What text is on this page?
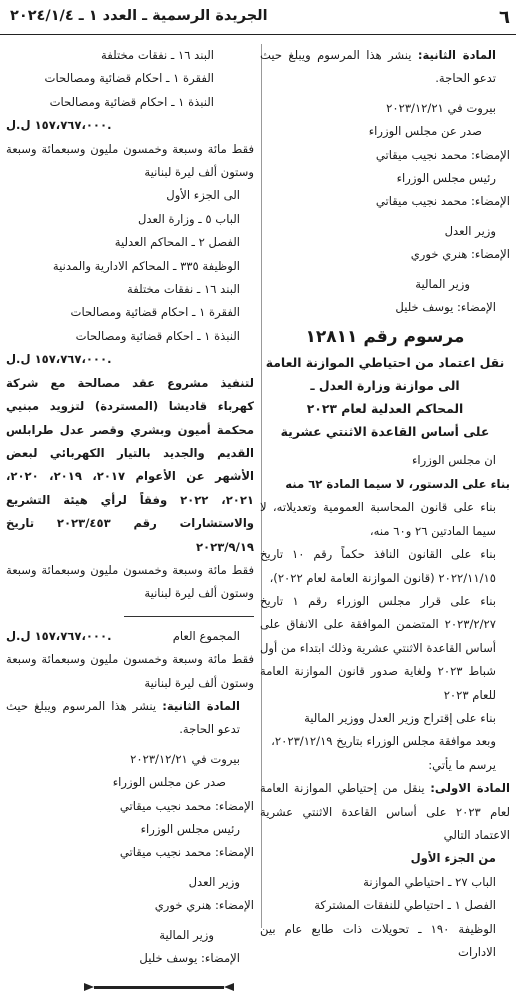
٦
الجريدة الرسمية ـ العدد ١ ـ ٢٠٢٤/١/٤

المادة الثانية: ينشر هذا المرسوم ويبلغ حيث تدعو الحاجة.

بيروت في ٢٠٢٣/١٢/٢١

صدر عن مجلس الوزراء

الإمضاء: محمد نجيب ميقاتي

رئيس مجلس الوزراء

الإمضاء: محمد نجيب ميقاتي

وزير العدل

الإمضاء: هنري خوري

وزير المالية

الإمضاء: يوسف خليل

مرسوم رقم ١٢٨١١

نقل اعتماد من احتياطي الموازنة العامة

الى موازنة وزارة العدل ـ

المحاكم العدلية لعام ٢٠٢٣

على أساس القاعدة الاثنتي عشرية

ان مجلس الوزراء

بناء على الدستور، لا سيما المادة ٦٢ منه

بناء على قانون المحاسبة العمومية وتعديلاته، لا سيما المادتين ٢٦ و٦٠ منه،

بناء على القانون النافذ حكماً رقم ١٠ تاريخ ٢٠٢٢/١١/١٥ (قانون الموازنة العامة لعام ٢٠٢٢)،

بناء على قرار مجلس الوزراء رقم ١ تاريخ ٢٠٢٣/٢/٢٧ المتضمن الموافقة على الانفاق على أساس القاعدة الاثنتي عشرية وذلك ابتداء من أول شباط ٢٠٢٣ ولغاية صدور قانون الموازنة العامة للعام ٢٠٢٣

بناء على إقتراح وزير العدل ووزير المالية

وبعد موافقة مجلس الوزراء بتاريخ ٢٠٢٣/١٢/١٩،

يرسم ما يأتي:

المادة الاولى: ينقل من إحتياطي الموازنة العامة لعام ٢٠٢٣ على أساس القاعدة الاثنتي عشرية الاعتماد التالي

من الجزء الأول

الباب ٢٧ ـ احتياطي الموازنة

الفصل ١ ـ احتياطي للنفقات المشتركة

الوظيفة ١٩٠ ـ تحويلات ذات طابع عام بين الادارات

البند ١٦ ـ نفقات مختلفة

الفقرة ١ ـ احكام قضائية ومصالحات

النبذة ١ ـ احكام قضائية ومصالحات

١٥٧،٧٦٧،٠٠٠ ل.ل.

فقط مائة وسبعة وخمسون مليون وسبعمائة وسبعة وستون ألف ليرة لبنانية

الى الجزء الأول

الباب ٥ ـ وزارة العدل

الفصل ٢ ـ المحاكم العدلية

الوظيفة ٣٣٥ ـ المحاكم الادارية والمدنية

البند ١٦ ـ نفقات مختلفة

الفقرة ١ ـ احكام قضائية ومصالحات

النبذة ١ ـ احكام قضائية ومصالحات

١٥٧،٧٦٧،٠٠٠ ل.ل.

لتنفيذ مشروع عقد مصالحة مع شركة كهرباء قاديشا (المستردة) لتزويد مبنيي محكمة أميون وبشري وقصر عدل طرابلس القديم والجديد بالتيار الكهربائي لبعض الأشهر عن الأعوام ٢٠١٧، ٢٠١٩، ٢٠٢٠، ٢٠٢١، ٢٠٢٢ وفقاً لرأي هيئة التشريع والاستشارات رقم ٢٠٢٣/٤٥٣ تاريخ ٢٠٢٣/٩/١٩

فقط مائة وسبعة وخمسون مليون وسبعمائة وسبعة وستون ألف ليرة لبنانية

المجموع العام
١٥٧،٧٦٧،٠٠٠ ل.ل.

فقط مائة وسبعة وخمسون مليون وسبعمائة وسبعة وستون ألف ليرة لبنانية

المادة الثانية: ينشر هذا المرسوم ويبلغ حيث تدعو الحاجة.

بيروت في ٢٠٢٣/١٢/٢١

صدر عن مجلس الوزراء

الإمضاء: محمد نجيب ميقاتي

رئيس مجلس الوزراء

الإمضاء: محمد نجيب ميقاتي

وزير العدل

الإمضاء: هنري خوري

وزير المالية

الإمضاء: يوسف خليل
